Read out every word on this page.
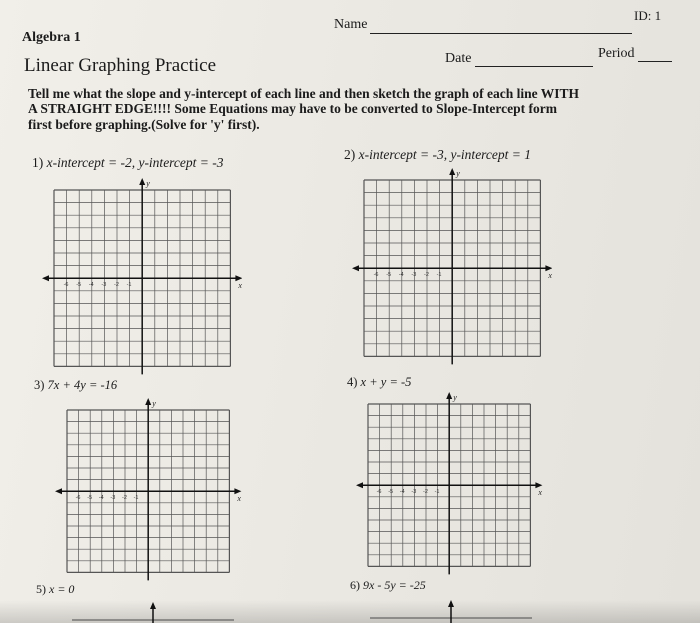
Algebra 1
Name
ID: 1
Linear Graphing Practice	Date	Period
Tell me what the slope and y-intercept of each line and then sketch the graph of each line WITH
A STRAIGHT EDGE!!!! Some Equations may have to be converted to Slope-Intercept form
first before graphing.(Solve for 'y' first).
1) x-intercept = -2, y-intercept = -3
2) x-intercept = -3, y-intercept = 1
3) 7x + 4y = -16	4) x + y = -5
5) x = 0	6) 9x - 5y = -25
x
y
-6 -5 -4 -3 -2 -1
x
y
-6 -5 -4 -3 -2 -1
x
y
-6 -5 -4 -3 -2 -1
x
y
-6 -5 -4 -3 -2 -1
